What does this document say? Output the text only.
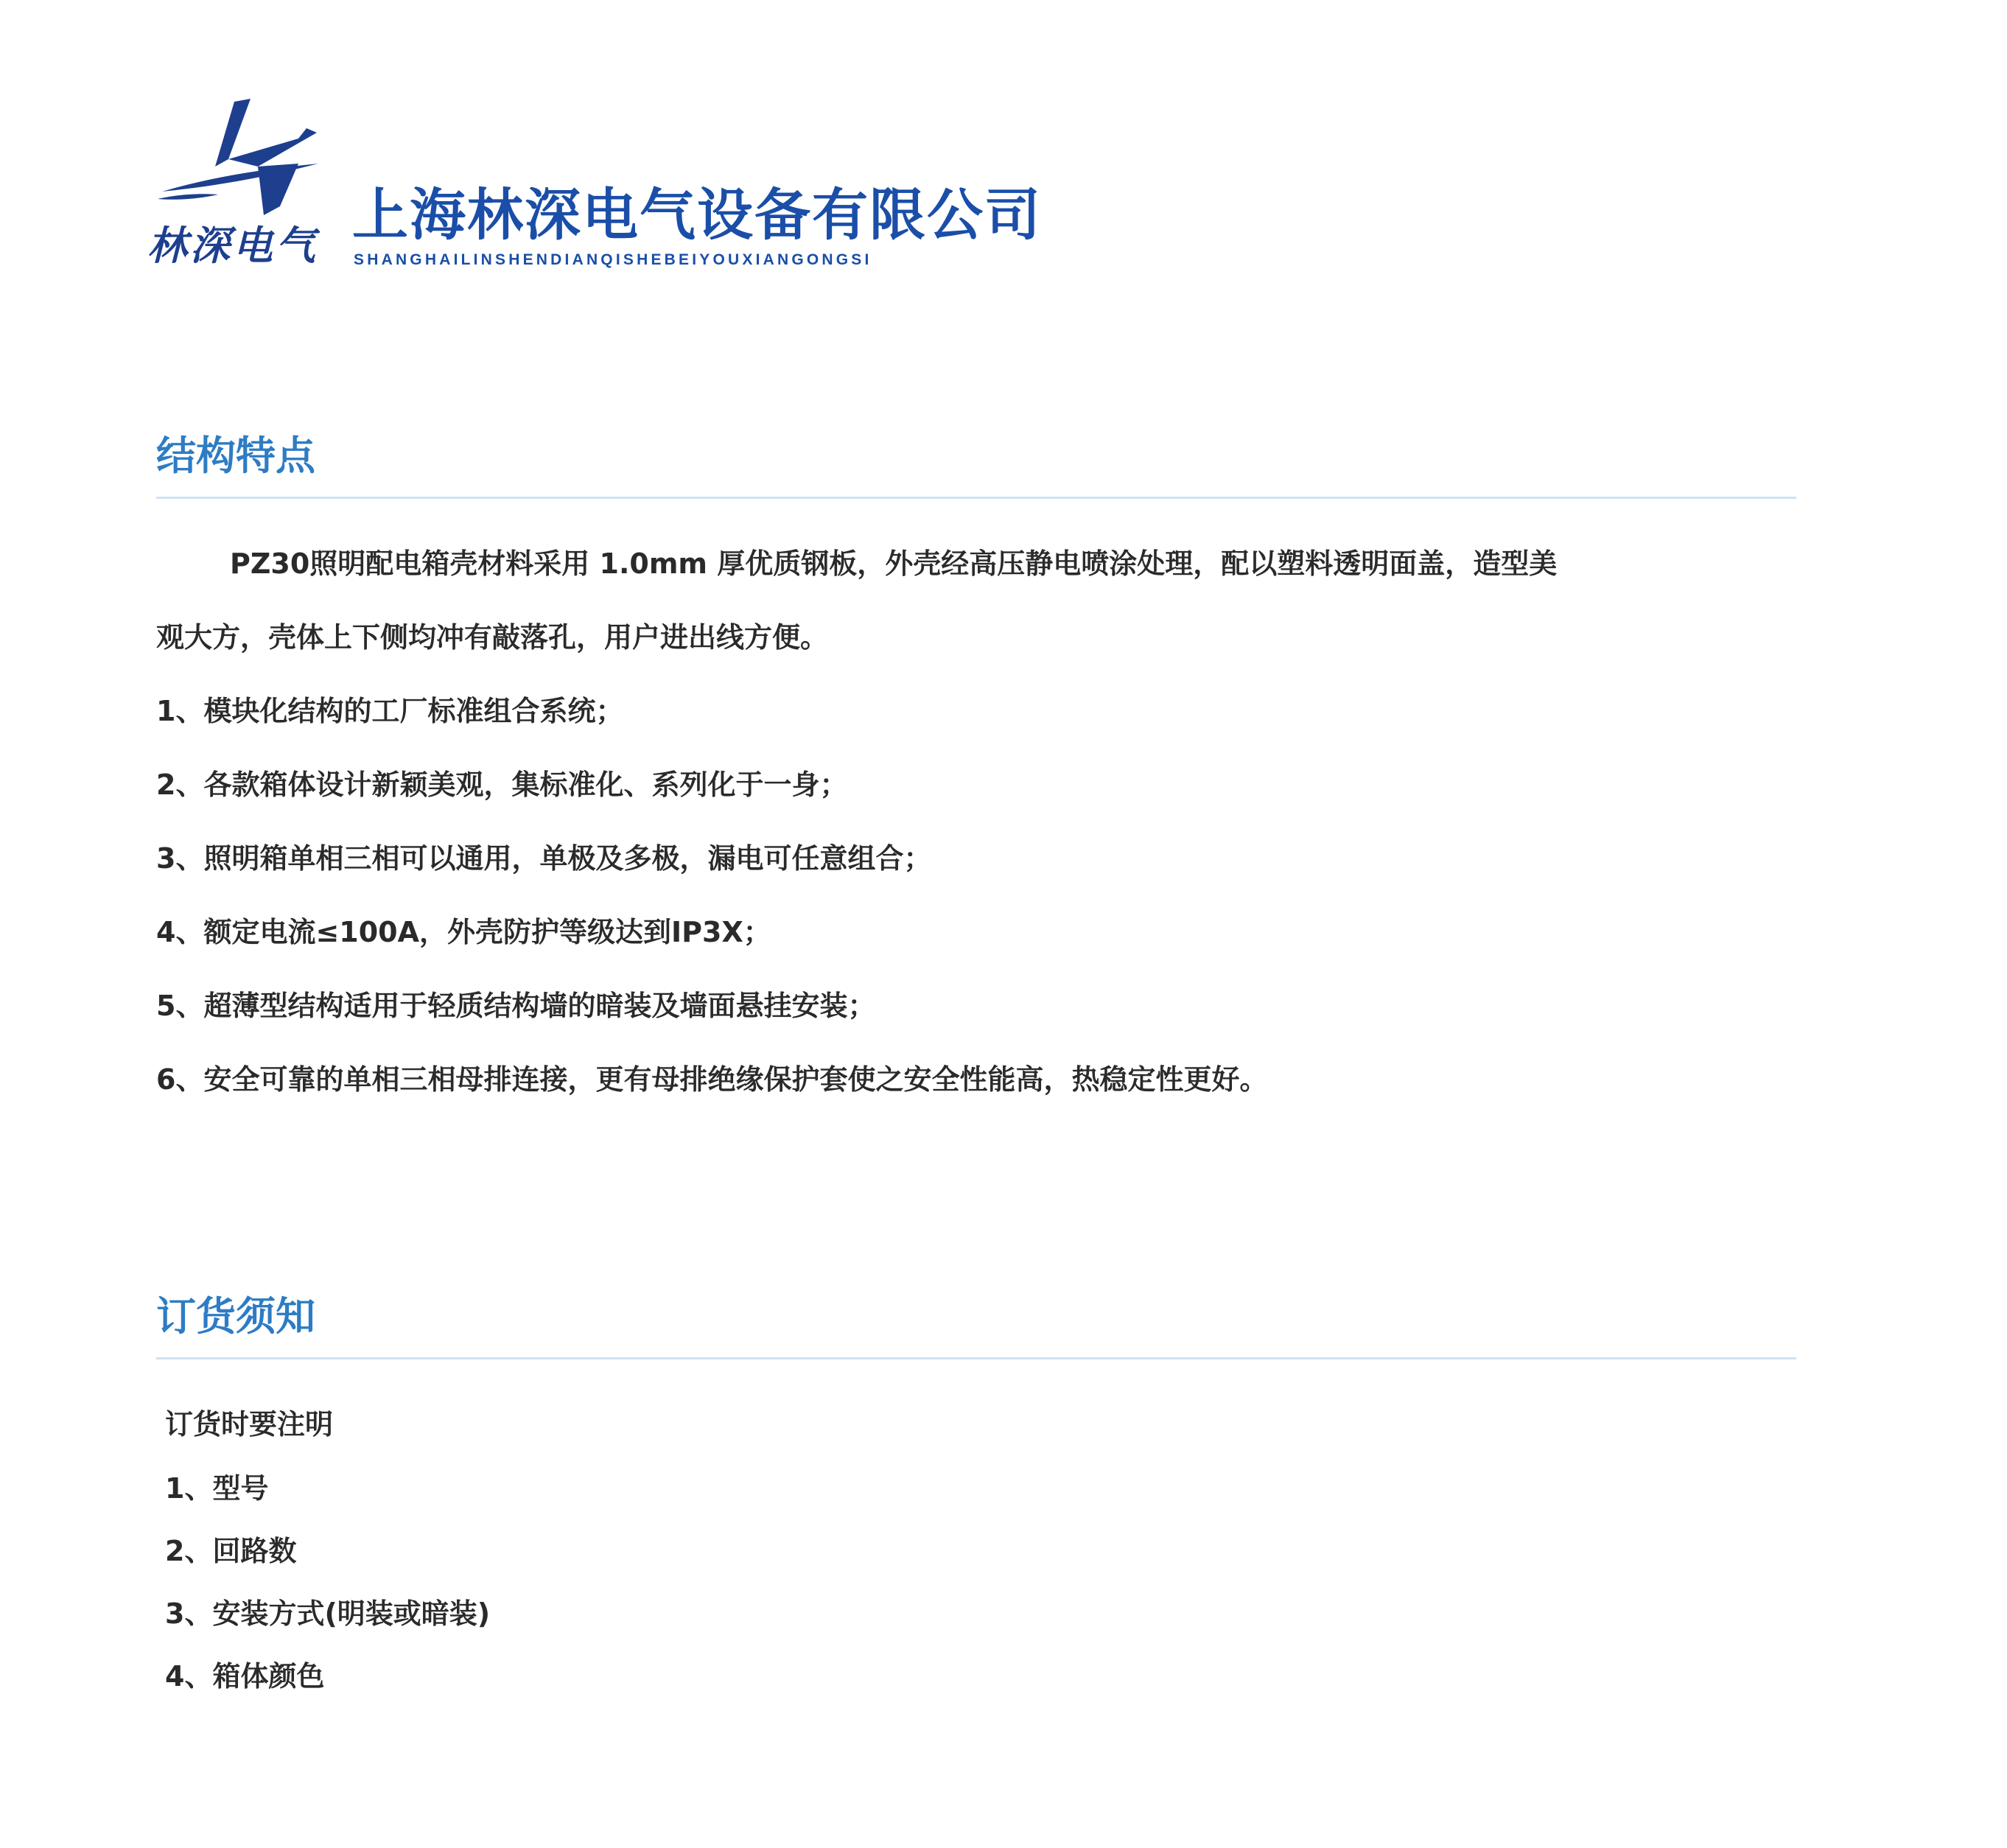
林深电气 上海林深电气设备有限公司
SHANGHAILINSHENDIANQISHEBEIYOUXIANGONGSI
结构特点
PZ30照明配电箱壳材料采用 1.0mm 厚优质钢板，外壳经高压静电喷涂处理，配以塑料透明面盖，造型美
观大方，壳体上下侧均冲有敲落孔，用户进出线方便。
1、模块化结构的工厂标准组合系统；
2、各款箱体设计新颖美观，集标准化、系列化于一身；
3、照明箱单相三相可以通用，单极及多极，漏电可任意组合；
4、额定电流≤100A，外壳防护等级达到IP3X；
5、超薄型结构适用于轻质结构墙的暗装及墙面悬挂安装；
6、安全可靠的单相三相母排连接，更有母排绝缘保护套使之安全性能高，热稳定性更好。
订货须知
订货时要注明
1、型号
2、回路数
3、安装方式(明装或暗装)
4、箱体颜色
